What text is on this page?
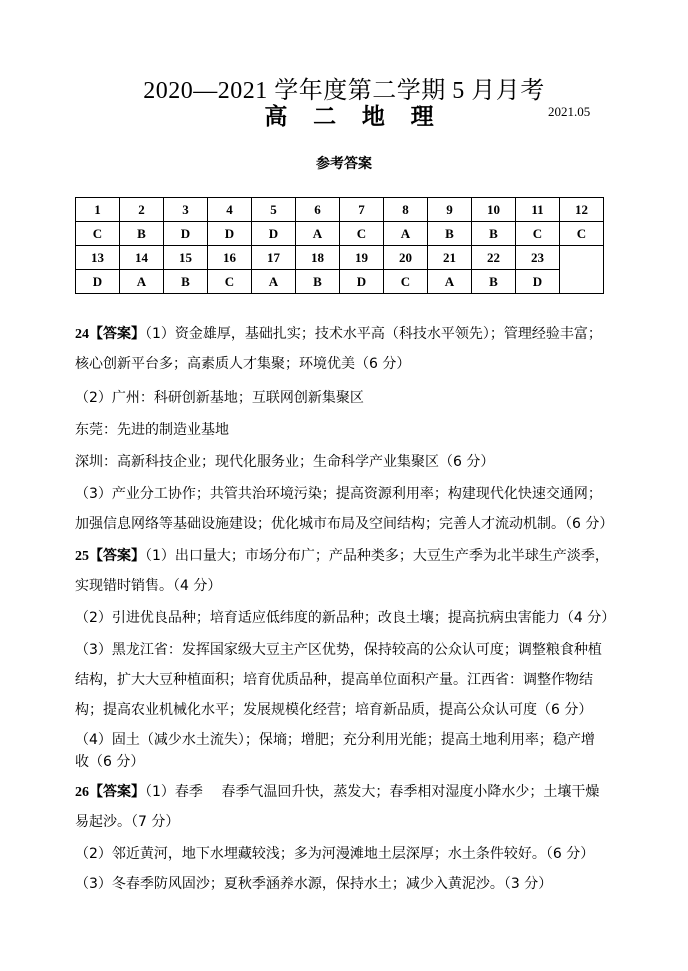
2020—2021 学年度第二学期 5 月月考
高 二 地 理	2021.05
参考答案
1	2	3	4	5	6	7	8	9	10	11	12
C	B	D	D	D	A	C	A	B	B	C	C
13	14	15	16	17	18	19	20	21	22	23	
D	A	B	C	A	B	D	C	A	B	D	
24【答案】（1）资金雄厚，基础扎实；技术水平高（科技水平领先）；管理经验丰富；
核心创新平台多；高素质人才集聚；环境优美（6 分）
（2）广州：科研创新基地；互联网创新集聚区
东莞：先进的制造业基地
深圳：高新科技企业；现代化服务业；生命科学产业集聚区（6 分）
（3）产业分工协作；共管共治环境污染；提高资源利用率；构建现代化快速交通网；
加强信息网络等基础设施建设；优化城市布局及空间结构；完善人才流动机制。（6 分）
25【答案】（1）出口量大；市场分布广；产品种类多；大豆生产季为北半球生产淡季，
实现错时销售。（4 分）
（2）引进优良品种；培育适应低纬度的新品种；改良土壤；提高抗病虫害能力（4 分）
（3）黑龙江省：发挥国家级大豆主产区优势，保持较高的公众认可度；调整粮食种植
结构，扩大大豆种植面积；培育优质品种，提高单位面积产量。江西省：调整作物结
构；提高农业机械化水平；发展规模化经营；培育新品质，提高公众认可度（6 分）
（4）固土（减少水土流失）；保墒；增肥；充分利用光能；提高土地利用率；稳产增
收（6 分）
26【答案】（1）春季　 春季气温回升快，蒸发大；春季相对湿度小降水少；土壤干燥
易起沙。（7 分）
（2）邻近黄河，地下水埋藏较浅；多为河漫滩地土层深厚；水土条件较好。（6 分）
（3）冬春季防风固沙；夏秋季涵养水源，保持水土；减少入黄泥沙。（3 分）
